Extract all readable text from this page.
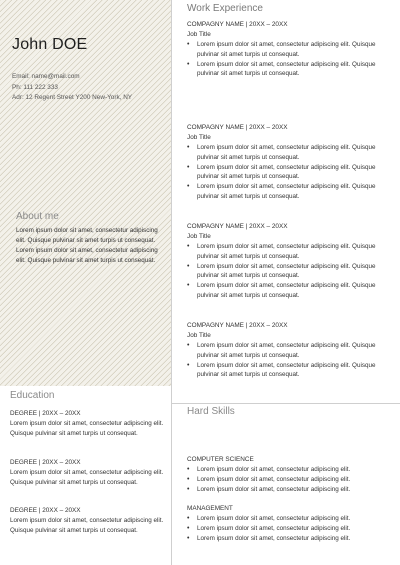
John DOE
Email: name@mail.com
Ph: 111 222 333
Adr: 12 Regent Street Y200 New-York, NY
About me
Lorem ipsum dolor sit amet, consectetur adipiscing elit. Quisque pulvinar sit amet turpis ut consequat. Lorem ipsum dolor sit amet, consectetur adipiscing elit. Quisque pulvinar sit amet turpis ut consequat.
Education
DEGREE | 20XX – 20XX
Lorem ipsum dolor sit amet, consectetur adipiscing elit. Quisque pulvinar sit amet turpis ut consequat.
DEGREE | 20XX – 20XX
Lorem ipsum dolor sit amet, consectetur adipiscing elit. Quisque pulvinar sit amet turpis ut consequat.
DEGREE | 20XX – 20XX
Lorem ipsum dolor sit amet, consectetur adipiscing elit. Quisque pulvinar sit amet turpis ut consequat.
Work Experience
COMPAGNY NAME | 20XX – 20XX
Job Title
• Lorem ipsum dolor sit amet, consectetur adipiscing elit. Quisque pulvinar sit amet turpis ut consequat.
• Lorem ipsum dolor sit amet, consectetur adipiscing elit. Quisque pulvinar sit amet turpis ut consequat.
COMPAGNY NAME | 20XX – 20XX
Job Title
• Lorem ipsum dolor sit amet, consectetur adipiscing elit. Quisque pulvinar sit amet turpis ut consequat.
• Lorem ipsum dolor sit amet, consectetur adipiscing elit. Quisque pulvinar sit amet turpis ut consequat.
• Lorem ipsum dolor sit amet, consectetur adipiscing elit. Quisque pulvinar sit amet turpis ut consequat.
COMPAGNY NAME | 20XX – 20XX
Job Title
• Lorem ipsum dolor sit amet, consectetur adipiscing elit. Quisque pulvinar sit amet turpis ut consequat.
• Lorem ipsum dolor sit amet, consectetur adipiscing elit. Quisque pulvinar sit amet turpis ut consequat.
• Lorem ipsum dolor sit amet, consectetur adipiscing elit. Quisque pulvinar sit amet turpis ut consequat.
COMPAGNY NAME | 20XX – 20XX
Job Title
• Lorem ipsum dolor sit amet, consectetur adipiscing elit. Quisque pulvinar sit amet turpis ut consequat.
• Lorem ipsum dolor sit amet, consectetur adipiscing elit. Quisque pulvinar sit amet turpis ut consequat.
Hard Skills
COMPUTER SCIENCE
• Lorem ipsum dolor sit amet, consectetur adipiscing elit.
• Lorem ipsum dolor sit amet, consectetur adipiscing elit.
• Lorem ipsum dolor sit amet, consectetur adipiscing elit.
MANAGEMENT
• Lorem ipsum dolor sit amet, consectetur adipiscing elit.
• Lorem ipsum dolor sit amet, consectetur adipiscing elit.
• Lorem ipsum dolor sit amet, consectetur adipiscing elit.
